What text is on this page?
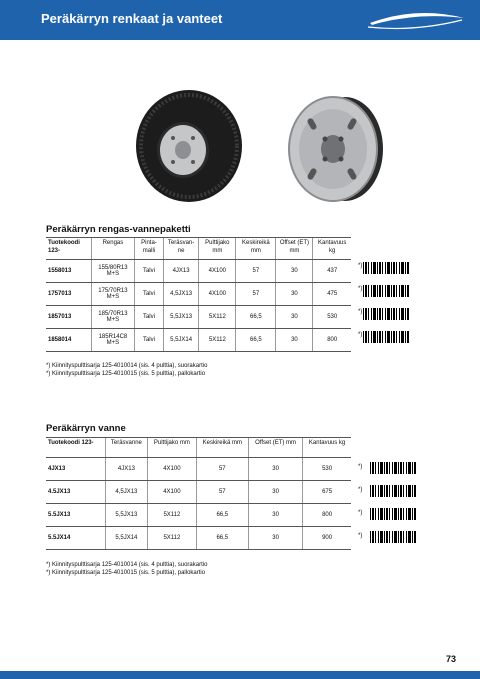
Peräkärryn renkaat ja vanteet
Peräkärryn rengas-vannepaketti
Tuotekoodi 123-	Rengas	Pinta-malli	Teräsvan-ne	Pulttijako mm	Keskireikä mm	Offset (ET) mm	Kantavuus kg
1558013	155/80R13 M+S	Talvi	4JX13	4X100	57	30	437
1757013	175/70R13 M+S	Talvi	4,5JX13	4X100	57	30	475
1857013	185/70R13 M+S	Talvi	5,5JX13	5X112	66,5	30	530
1858014	185R14C8 M+S	Talvi	5,5JX14	5X112	66,5	30	800
*)
*)
*)
*)
*) Kiinnityspulttisarja 125-4010014 (sis. 4 pulttia), suorakartio
*) Kiinnityspulttisarja 125-4010015 (sis. 5 pulttia), pallokartio
Peräkärryn vanne
Tuotekoodi 123-	Teräsvanne	Pulttijako mm	Keskireikä mm	Offset (ET) mm	Kantavuus kg
4JX13	4JX13	4X100	57	30	530
4.5JX13	4,5JX13	4X100	57	30	675
5.5JX13	5,5JX13	5X112	66,5	30	800
5.5JX14	5,5JX14	5X112	66,5	30	900
*)
*)
*)
*)
*) Kiinnityspulttisarja 125-4010014 (sis. 4 pulttia), suorakartio
*) Kiinnityspulttisarja 125-4010015 (sis. 5 pulttia), pallokartio
73
